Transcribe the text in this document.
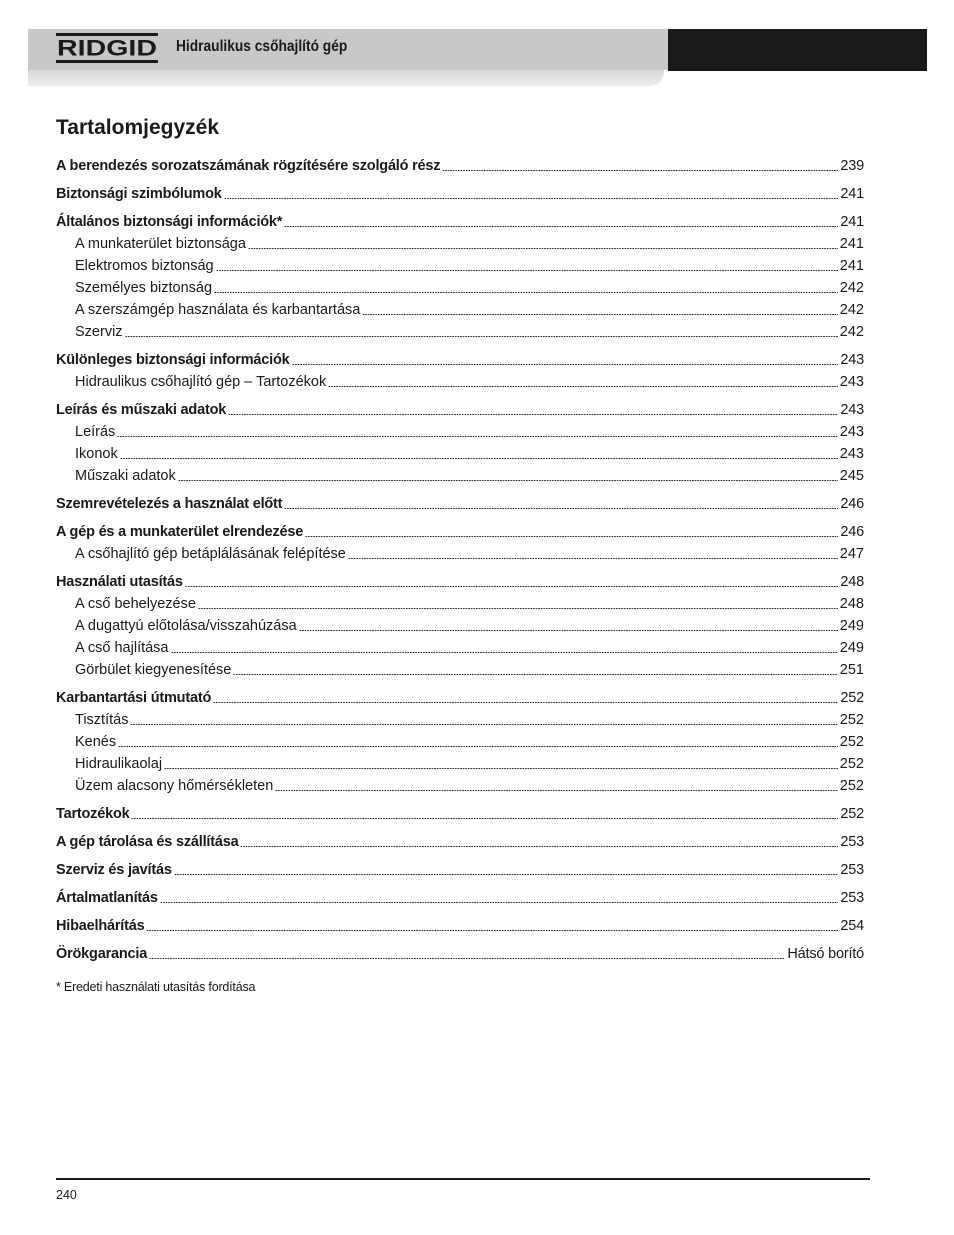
RIDGID Hidraulikus csőhajlító gép
Tartalomjegyzék
A berendezés sorozatszámának rögzítésére szolgáló rész	239
Biztonsági szimbólumok	241
Általános biztonsági információk*	241
A munkaterület biztonsága	241
Elektromos biztonság	241
Személyes biztonság	242
A szerszámgép használata és karbantartása	242
Szerviz	242
Különleges biztonsági információk	243
Hidraulikus csőhajlító gép – Tartozékok	243
Leírás és műszaki adatok	243
Leírás	243
Ikonok	243
Műszaki adatok	245
Szemrevételezés a használat előtt	246
A gép és a munkaterület elrendezése	246
A csőhajlító gép betáplálásának felépítése	247
Használati utasítás	248
A cső behelyezése	248
A dugattyú előtolása/visszahúzása	249
A cső hajlítása	249
Görbület kiegyenesítése	251
Karbantartási útmutató	252
Tisztítás	252
Kenés	252
Hidraulikaolaj	252
Üzem alacsony hőmérsékleten	252
Tartozékok	252
A gép tárolása és szállítása	253
Szerviz és javítás	253
Ártalmatlanítás	253
Hibaelhárítás	254
Örökgarancia	Hátsó borító
* Eredeti használati utasítás fordítása
240
